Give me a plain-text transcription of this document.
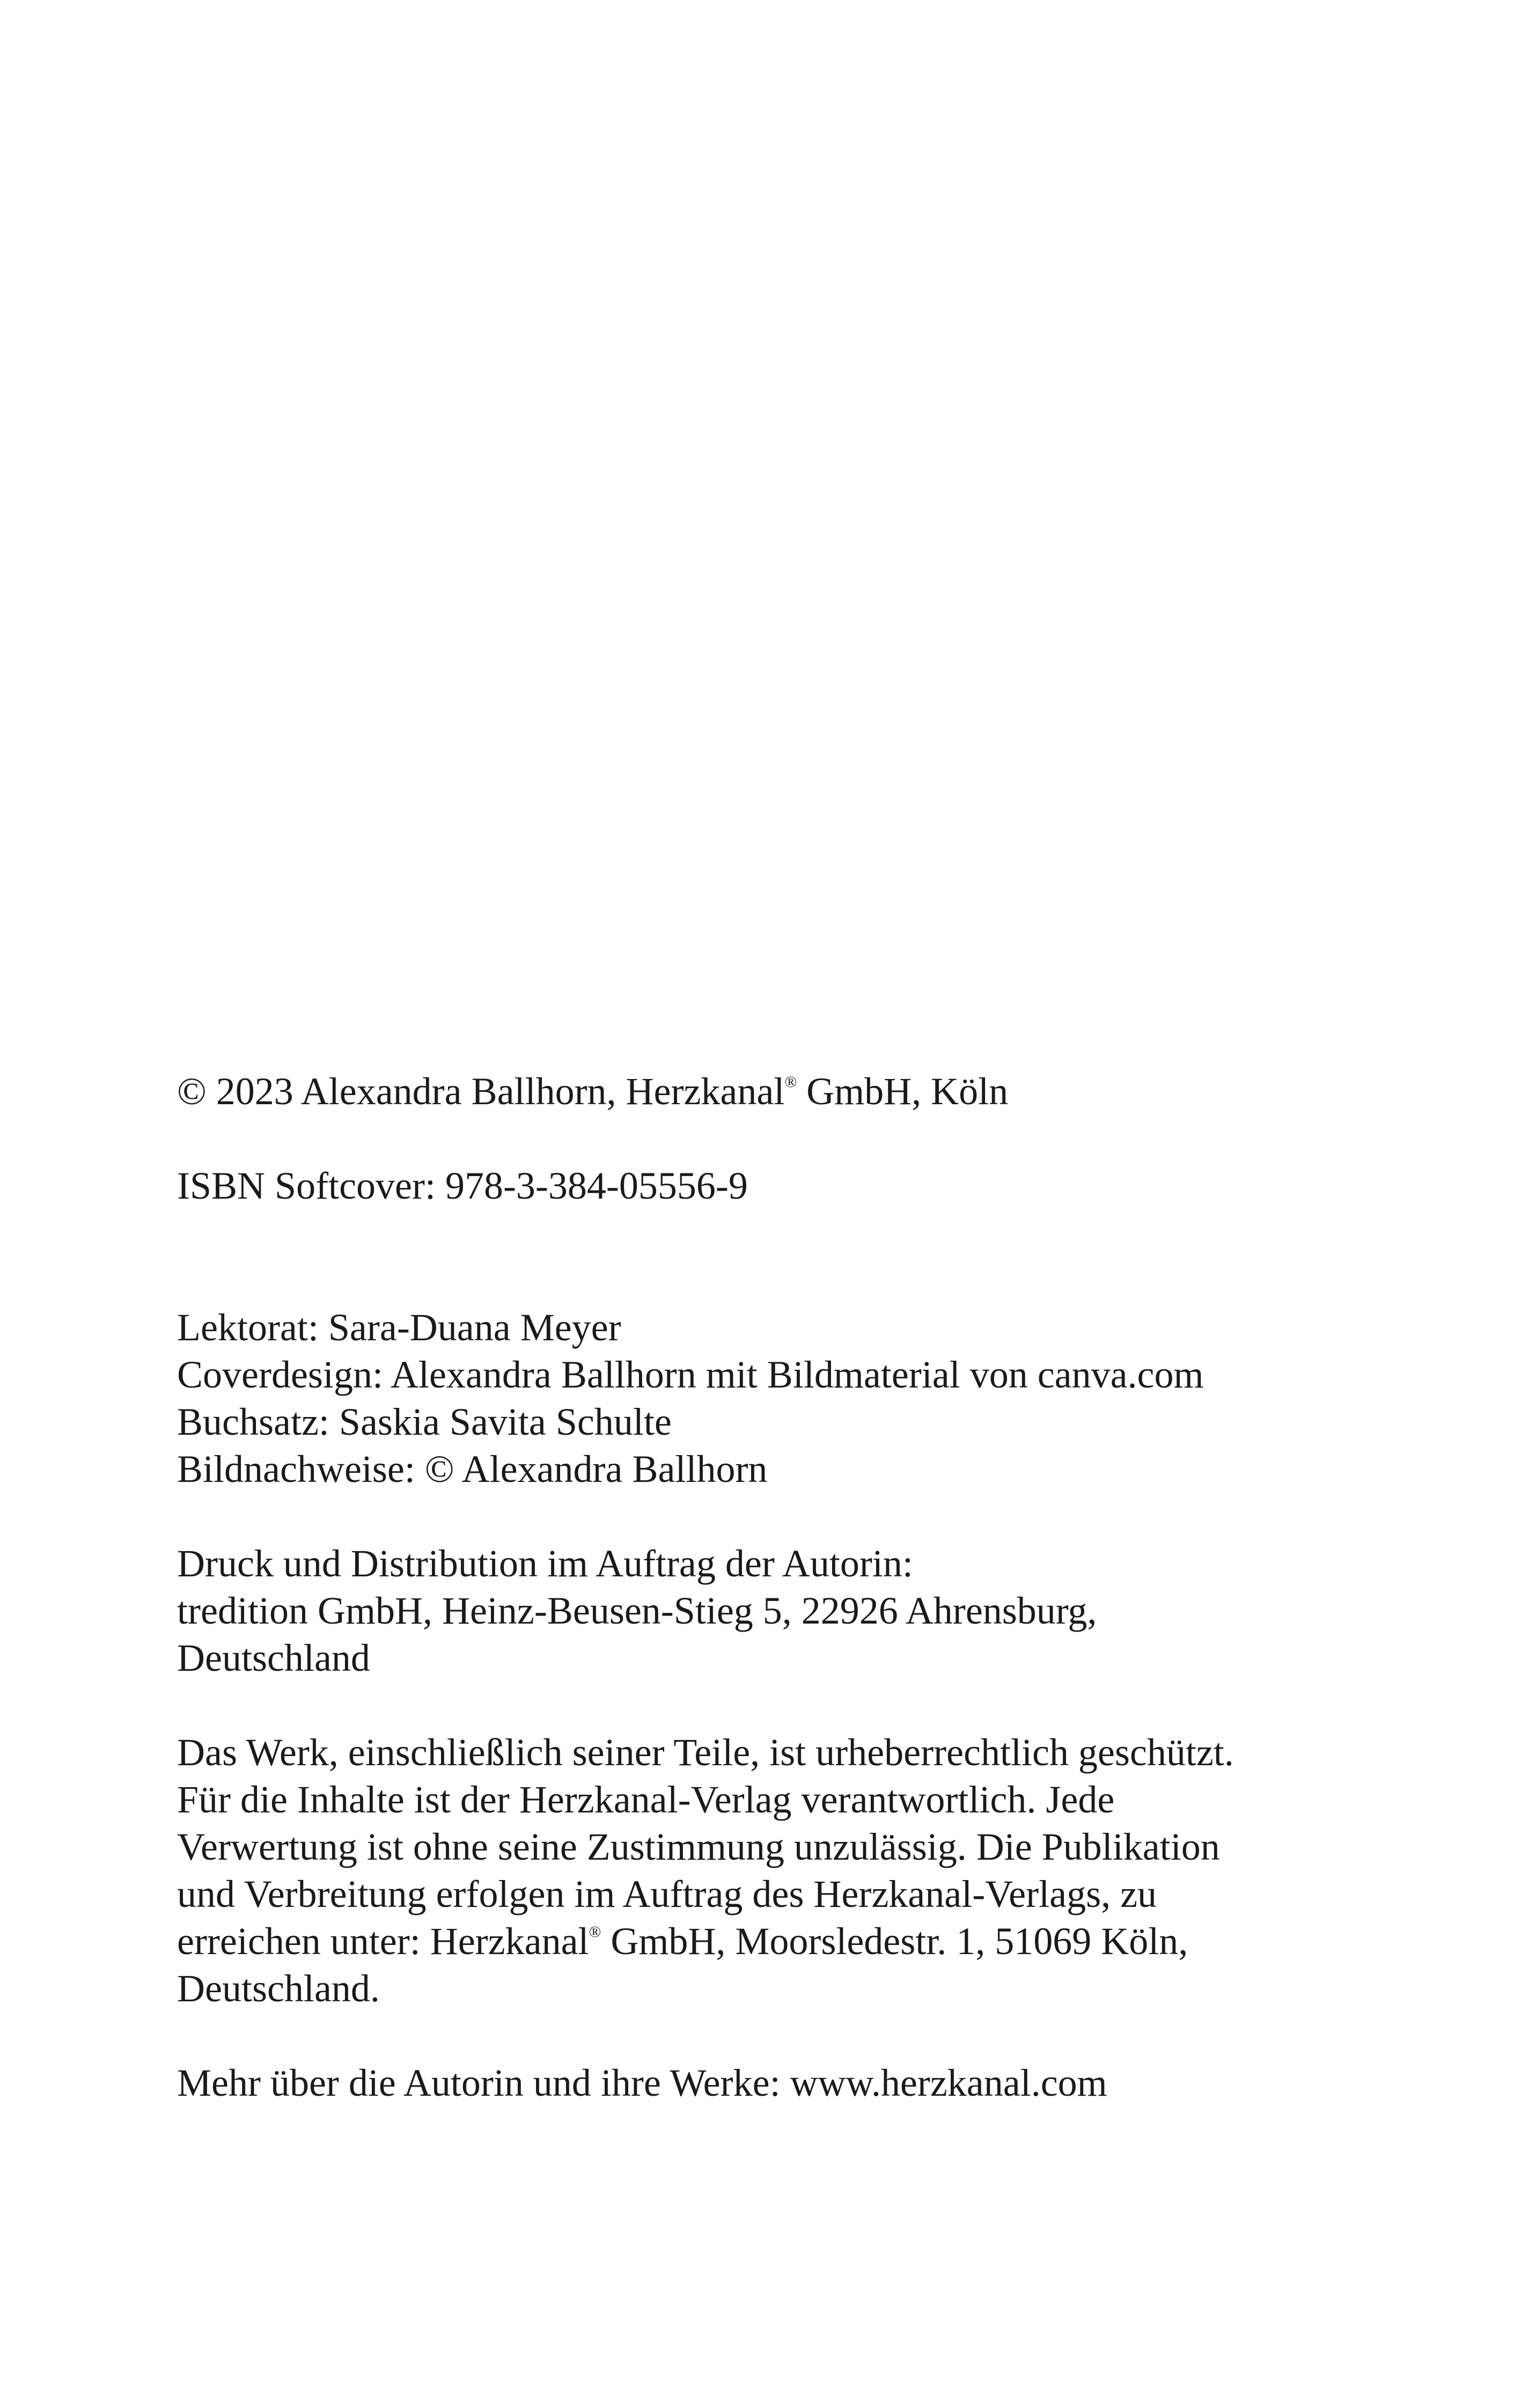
© 2023 Alexandra Ballhorn, Herzkanal® GmbH, Köln

ISBN Softcover: 978-3-384-05556-9

Lektorat: Sara-Duana Meyer

Coverdesign: Alexandra Ballhorn mit Bildmaterial von canva.com

Buchsatz: Saskia Savita Schulte

Bildnachweise: © Alexandra Ballhorn

Druck und Distribution im Auftrag der Autorin:

tredition GmbH, Heinz-Beusen-Stieg 5, 22926 Ahrensburg,

Deutschland

Das Werk, einschließlich seiner Teile, ist urheberrechtlich geschützt.

Für die Inhalte ist der Herzkanal-Verlag verantwortlich. Jede

Verwertung ist ohne seine Zustimmung unzulässig. Die Publikation

und Verbreitung erfolgen im Auftrag des Herzkanal-Verlags, zu

erreichen unter: Herzkanal® GmbH, Moorsledestr. 1, 51069 Köln,

Deutschland.

Mehr über die Autorin und ihre Werke: www.herzkanal.com
